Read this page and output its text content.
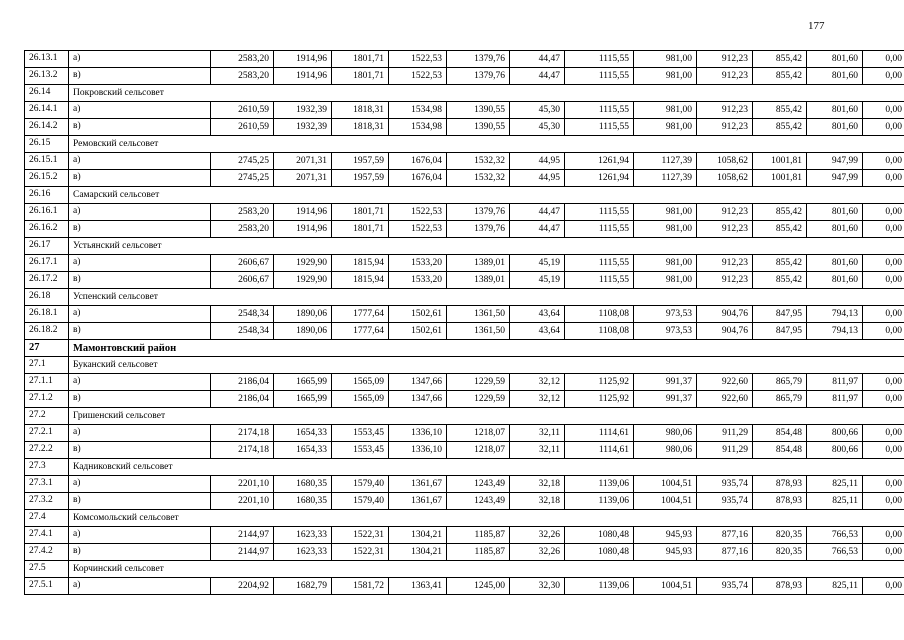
177
26.13.1	а)	2583,20	1914,96	1801,71	1522,53	1379,76	44,47	1115,55	981,00	912,23	855,42	801,60	0,00
26.13.2	в)	2583,20	1914,96	1801,71	1522,53	1379,76	44,47	1115,55	981,00	912,23	855,42	801,60	0,00
26.14	Покровский сельсовет												
26.14.1	а)	2610,59	1932,39	1818,31	1534,98	1390,55	45,30	1115,55	981,00	912,23	855,42	801,60	0,00
26.14.2	в)	2610,59	1932,39	1818,31	1534,98	1390,55	45,30	1115,55	981,00	912,23	855,42	801,60	0,00
26.15	Ремовский сельсовет												
26.15.1	а)	2745,25	2071,31	1957,59	1676,04	1532,32	44,95	1261,94	1127,39	1058,62	1001,81	947,99	0,00
26.15.2	в)	2745,25	2071,31	1957,59	1676,04	1532,32	44,95	1261,94	1127,39	1058,62	1001,81	947,99	0,00
26.16	Самарский сельсовет												
26.16.1	а)	2583,20	1914,96	1801,71	1522,53	1379,76	44,47	1115,55	981,00	912,23	855,42	801,60	0,00
26.16.2	в)	2583,20	1914,96	1801,71	1522,53	1379,76	44,47	1115,55	981,00	912,23	855,42	801,60	0,00
26.17	Устьянский сельсовет												
26.17.1	а)	2606,67	1929,90	1815,94	1533,20	1389,01	45,19	1115,55	981,00	912,23	855,42	801,60	0,00
26.17.2	в)	2606,67	1929,90	1815,94	1533,20	1389,01	45,19	1115,55	981,00	912,23	855,42	801,60	0,00
26.18	Успенский сельсовет												
26.18.1	а)	2548,34	1890,06	1777,64	1502,61	1361,50	43,64	1108,08	973,53	904,76	847,95	794,13	0,00
26.18.2	в)	2548,34	1890,06	1777,64	1502,61	1361,50	43,64	1108,08	973,53	904,76	847,95	794,13	0,00
27	Мамонтовский район												
27.1	Буканский сельсовет												
27.1.1	а)	2186,04	1665,99	1565,09	1347,66	1229,59	32,12	1125,92	991,37	922,60	865,79	811,97	0,00
27.1.2	в)	2186,04	1665,99	1565,09	1347,66	1229,59	32,12	1125,92	991,37	922,60	865,79	811,97	0,00
27.2	Гришенский сельсовет												
27.2.1	а)	2174,18	1654,33	1553,45	1336,10	1218,07	32,11	1114,61	980,06	911,29	854,48	800,66	0,00
27.2.2	в)	2174,18	1654,33	1553,45	1336,10	1218,07	32,11	1114,61	980,06	911,29	854,48	800,66	0,00
27.3	Кадниковский сельсовет												
27.3.1	а)	2201,10	1680,35	1579,40	1361,67	1243,49	32,18	1139,06	1004,51	935,74	878,93	825,11	0,00
27.3.2	в)	2201,10	1680,35	1579,40	1361,67	1243,49	32,18	1139,06	1004,51	935,74	878,93	825,11	0,00
27.4	Комсомольский сельсовет												
27.4.1	а)	2144,97	1623,33	1522,31	1304,21	1185,87	32,26	1080,48	945,93	877,16	820,35	766,53	0,00
27.4.2	в)	2144,97	1623,33	1522,31	1304,21	1185,87	32,26	1080,48	945,93	877,16	820,35	766,53	0,00
27.5	Корчинский сельсовет												
27.5.1	а)	2204,92	1682,79	1581,72	1363,41	1245,00	32,30	1139,06	1004,51	935,74	878,93	825,11	0,00
